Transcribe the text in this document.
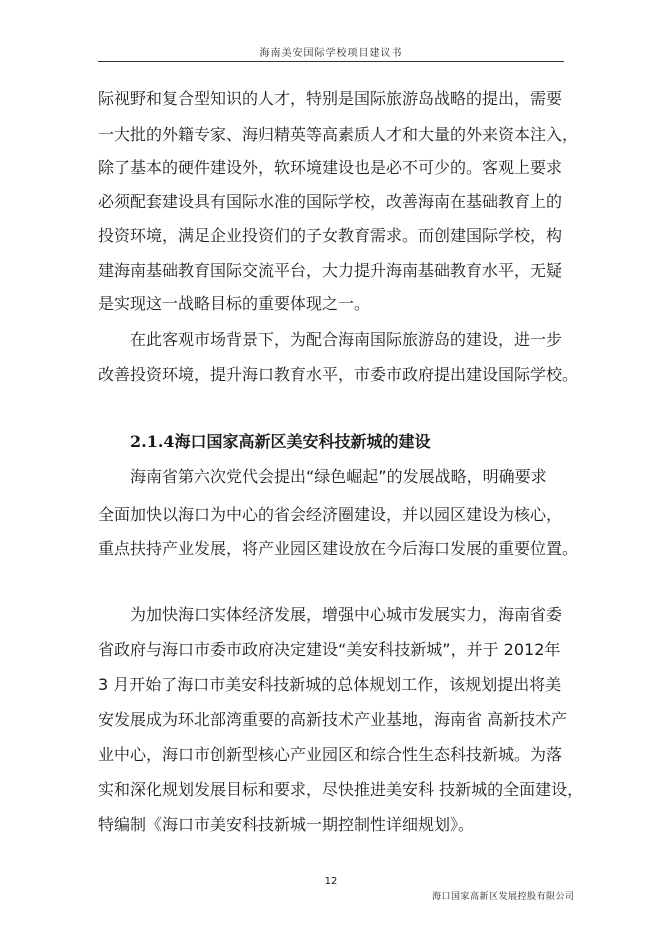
海南美安国际学校项目建议书
际视野和复合型知识的人才，特别是国际旅游岛战略的提出，需要
一大批的外籍专家、海归精英等高素质人才和大量的外来资本注入，
除了基本的硬件建设外，软环境建设也是必不可少的。客观上要求
必须配套建设具有国际水准的国际学校，改善海南在基础教育上的
投资环境，满足企业投资们的子女教育需求。而创建国际学校，构
建海南基础教育国际交流平台，大力提升海南基础教育水平，无疑
是实现这一战略目标的重要体现之一。
在此客观市场背景下，为配合海南国际旅游岛的建设，进一步
改善投资环境，提升海口教育水平，市委市政府提出建设国际学校。
2.1.4海口国家高新区美安科技新城的建设
海南省第六次党代会提出“绿色崛起”的发展战略，明确要求
全面加快以海口为中心的省会经济圈建设，并以园区建设为核心，
重点扶持产业发展，将产业园区建设放在今后海口发展的重要位置。
为加快海口实体经济发展，增强中心城市发展实力，海南省委
省政府与海口市委市政府决定建设“美安科技新城”，并于 2012年
3 月开始了海口市美安科技新城的总体规划工作，该规划提出将美
安发展成为环北部湾重要的高新技术产业基地，海南省 高新技术产
业中心，海口市创新型核心产业园区和综合性生态科技新城。为落
实和深化规划发展目标和要求，尽快推进美安科 技新城的全面建设，
特编制《海口市美安科技新城一期控制性详细规划》。
12
海口国家高新区发展控股有限公司
